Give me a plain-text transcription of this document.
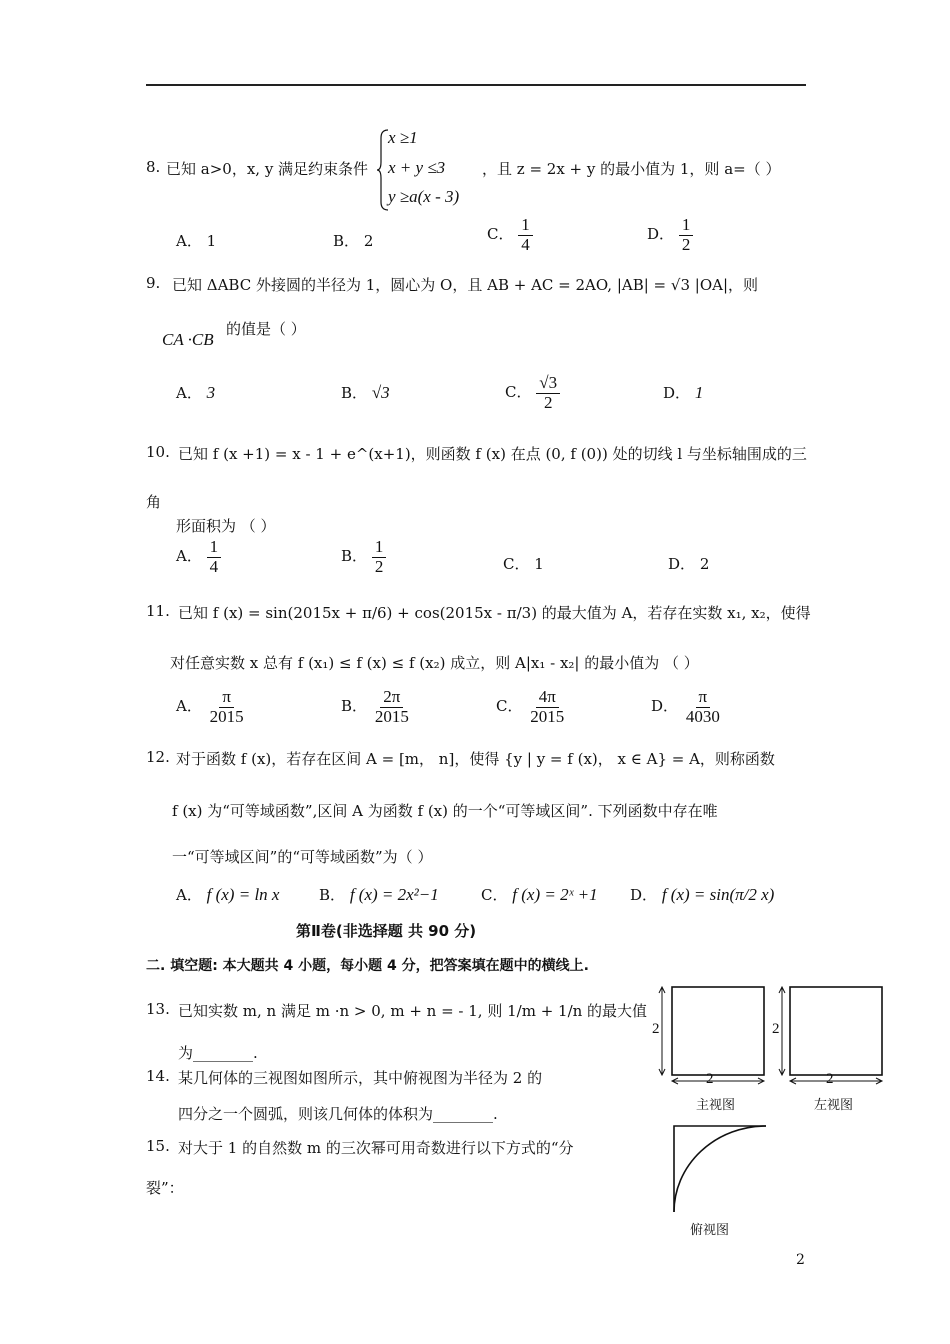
8. 已知 a>0，x, y 满足约束条件
x ≥1
x + y ≤3
y ≥a(x - 3)
，且 z = 2x + y 的最小值为 1，则 a=（ ）
A． 1	B． 2	C． $\frac{1}{4}$	D． $\frac{1}{2}$
9. 已知 ΔABC 外接圆的半径为 1，圆心为 O，且 AB + AC = 2AO, |AB| = √3 |OA|，则
CA ·CB
的值是（ ）
A． 3	B． √3	C． $\frac{√3}{2}$	D． 1
10. 已知 f (x +1) = x - 1 + e^(x+1)，则函数 f (x) 在点 (0, f (0)) 处的切线 l 与坐标轴围成的三
角
形面积为 （ ）
A． $\frac{1}{4}$	B． $\frac{1}{2}$	C． 1	D． 2
11. 已知 f (x) = sin(2015x + π/6) + cos(2015x - π/3) 的最大值为 A，若存在实数 x₁, x₂，使得
对任意实数 x 总有 f (x₁) ≤ f (x) ≤ f (x₂) 成立，则 A|x₁ - x₂| 的最小值为 （ ）
A． $\frac{\pi}{2015}$	B． $\frac{2\pi}{2015}$	C． $\frac{4\pi}{2015}$	D． $\frac{\pi}{4030}$
12. 对于函数 f (x)，若存在区间 A = [m， n]，使得 {y | y = f (x)， x ∈ A} = A，则称函数
f (x) 为“可等域函数”,区间 A 为函数 f (x) 的一个“可等域区间”. 下列函数中存在唯
一“可等域区间”的“可等域函数”为（ ）
A． f (x) = ln x	B． f (x) = 2x²−1	C． f (x) = 2ˣ +1 D． f (x) = sin(π/2 x)
第Ⅱ卷(非选择题 共 90 分)
二. 填空题: 本大题共 4 小题，每小题 4 分，把答案填在题中的横线上.
13. 已知实数 m, n 满足 m ·n > 0, m + n = - 1, 则 1/m + 1/n 的最大值
为________.
14. 某几何体的三视图如图所示，其中俯视图为半径为 2 的
四分之一个圆弧，则该几何体的体积为________.
15. 对大于 1 的自然数 m 的三次幂可用奇数进行以下方式的“分
裂”：
2
2
2
2
主视图	左视图
俯视图
2
